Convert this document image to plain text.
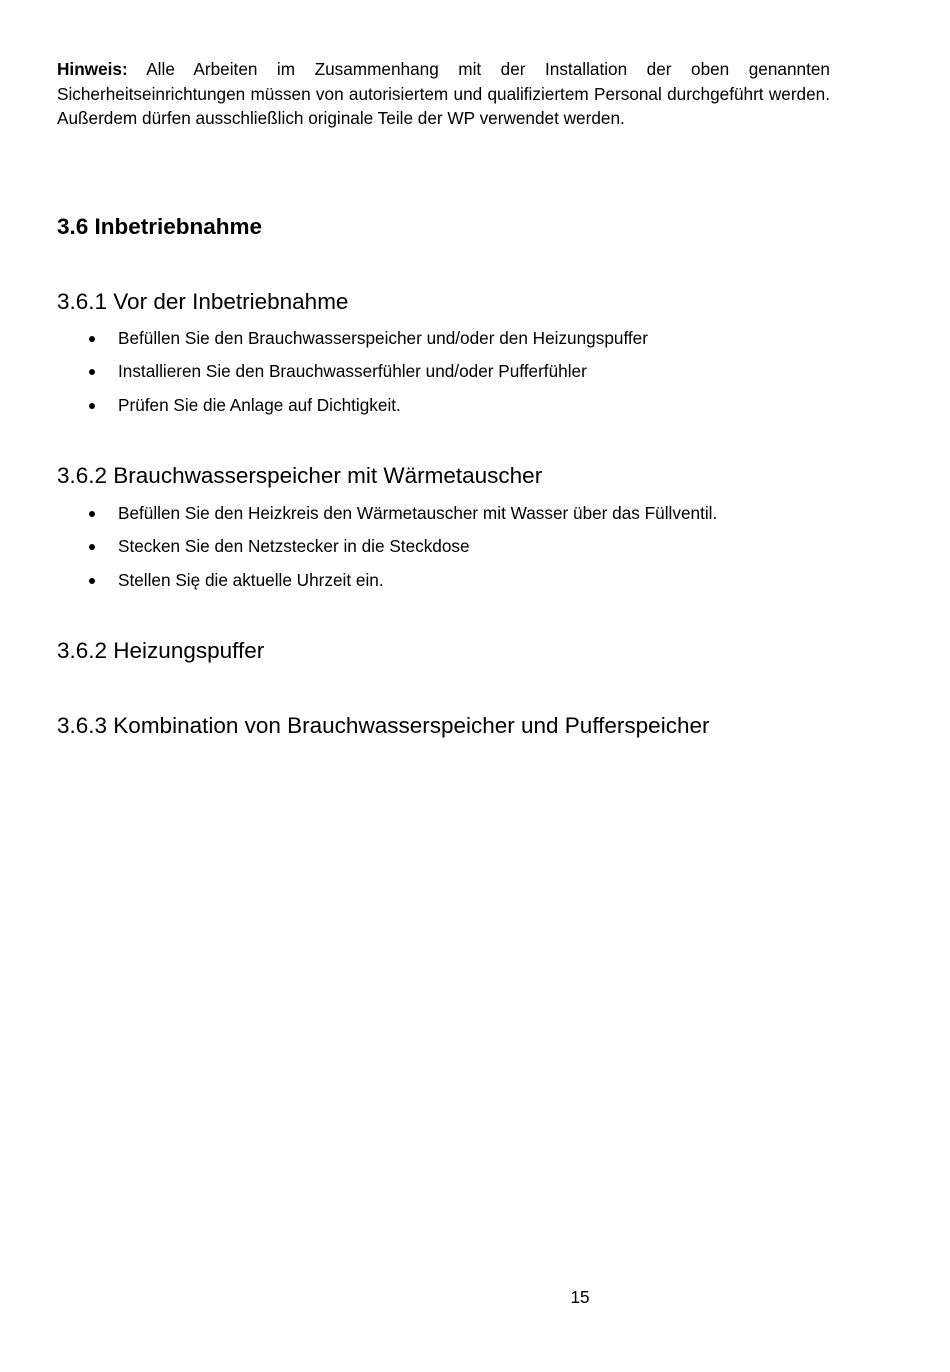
Hinweis: Alle Arbeiten im Zusammenhang mit der Installation der oben genannten Sicherheitseinrichtungen müssen von autorisiertem und qualifiziertem Personal durchgeführt werden. Außerdem dürfen ausschließlich originale Teile der WP verwendet werden.

3.6 Inbetriebnahme
3.6.1 Vor der Inbetriebnahme
Befüllen Sie den Brauchwasserspeicher und/oder den Heizungspuffer
Installieren Sie den Brauchwasserfühler und/oder Pufferfühler
Prüfen Sie die Anlage auf Dichtigkeit.
3.6.2 Brauchwasserspeicher mit Wärmetauscher
Befüllen Sie den Heizkreis den Wärmetauscher mit Wasser über das Füllventil.
Stecken Sie den Netzstecker in die Steckdose
Stellen Się die aktuelle Uhrzeit ein.
3.6.2 Heizungspuffer
3.6.3 Kombination von Brauchwasserspeicher und Pufferspeicher

15
